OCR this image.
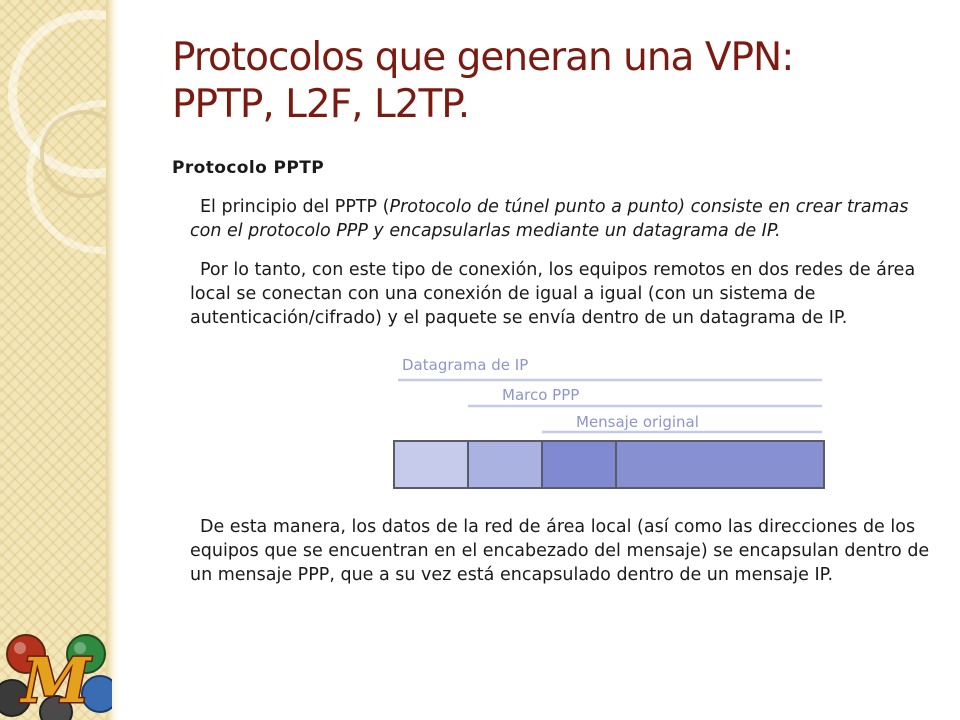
M
Protocolos que generan una VPN:
PPTP, L2F, L2TP.

Protocolo PPTP

El principio del PPTP (Protocolo de túnel punto a punto) consiste en crear tramas con el protocolo PPP y encapsularlas mediante un datagrama de IP.

Por lo tanto, con este tipo de conexión, los equipos remotos en dos redes de área local se conectan con una conexión de igual a igual (con un sistema de autenticación/cifrado) y el paquete se envía dentro de un datagrama de IP.

Datagrama de IP
Marco PPP
Mensaje original

De esta manera, los datos de la red de área local (así como las direcciones de los equipos que se encuentran en el encabezado del mensaje) se encapsulan dentro de un mensaje PPP, que a su vez está encapsulado dentro de un mensaje IP.
